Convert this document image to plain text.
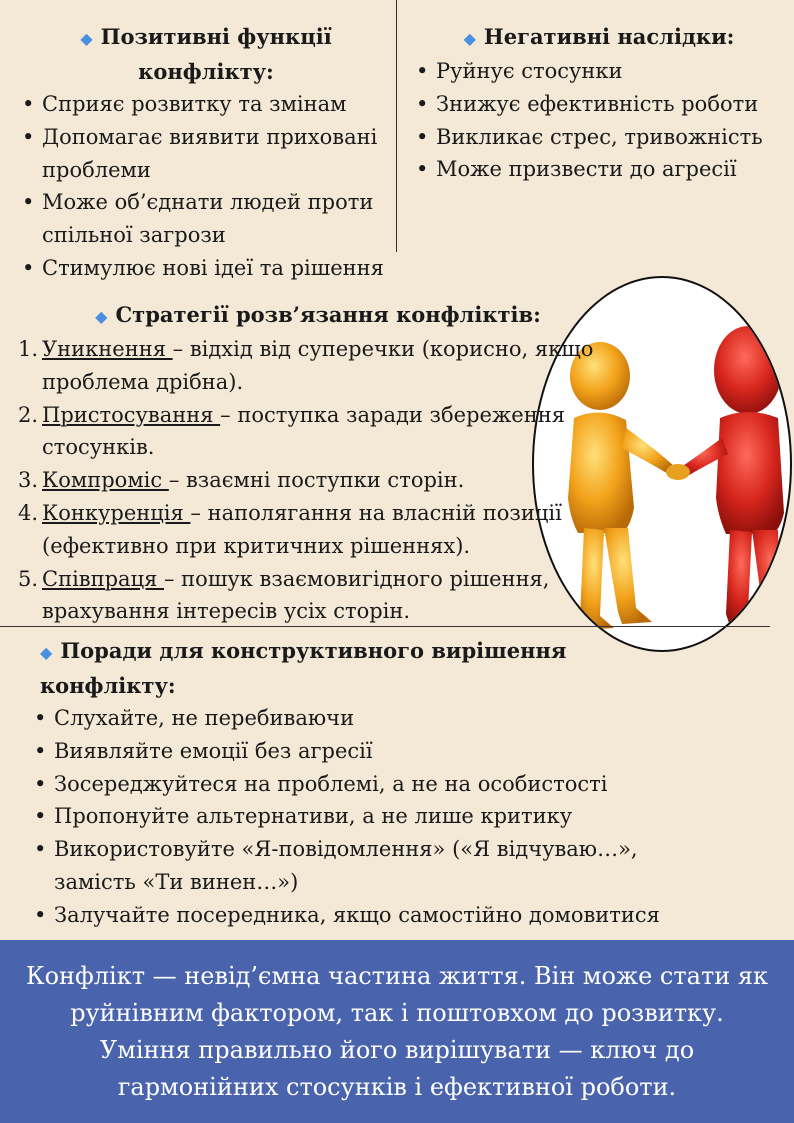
◆ Позитивні функції
конфлікту:
• Сприяє розвитку та змінам
• Допомагає виявити приховані проблеми
• Може об’єднати людей проти спільної загрози
• Стимулює нові ідеї та рішення
◆ Негативні наслідки:
• Руйнує стосунки
• Знижує ефективність роботи
• Викликає стрес, тривожність
• Може призвести до агресії
◆ Стратегії розв’язання конфліктів:
1. Уникнення – відхід від суперечки (корисно, якщо проблема дрібна).
2. Пристосування – поступка заради збереження стосунків.
3. Компроміс – взаємні поступки сторін.
4. Конкуренція – наполягання на власній позиції (ефективно при критичних рішеннях).
5. Співпраця – пошук взаємовигідного рішення, врахування інтересів усіх сторін.
◆ Поради для конструктивного вирішення конфлікту:
• Слухайте, не перебиваючи
• Виявляйте емоції без агресії
• Зосереджуйтеся на проблемі, а не на особистості
• Пропонуйте альтернативи, а не лише критику
• Використовуйте «Я-повідомлення» («Я відчуваю…», замість «Ти винен…»)
• Залучайте посередника, якщо самостійно домовитися
Конфлікт — невід’ємна частина життя. Він може стати як руйнівним фактором, так і поштовхом до розвитку. Уміння правильно його вирішувати — ключ до гармонійних стосунків і ефективної роботи.
